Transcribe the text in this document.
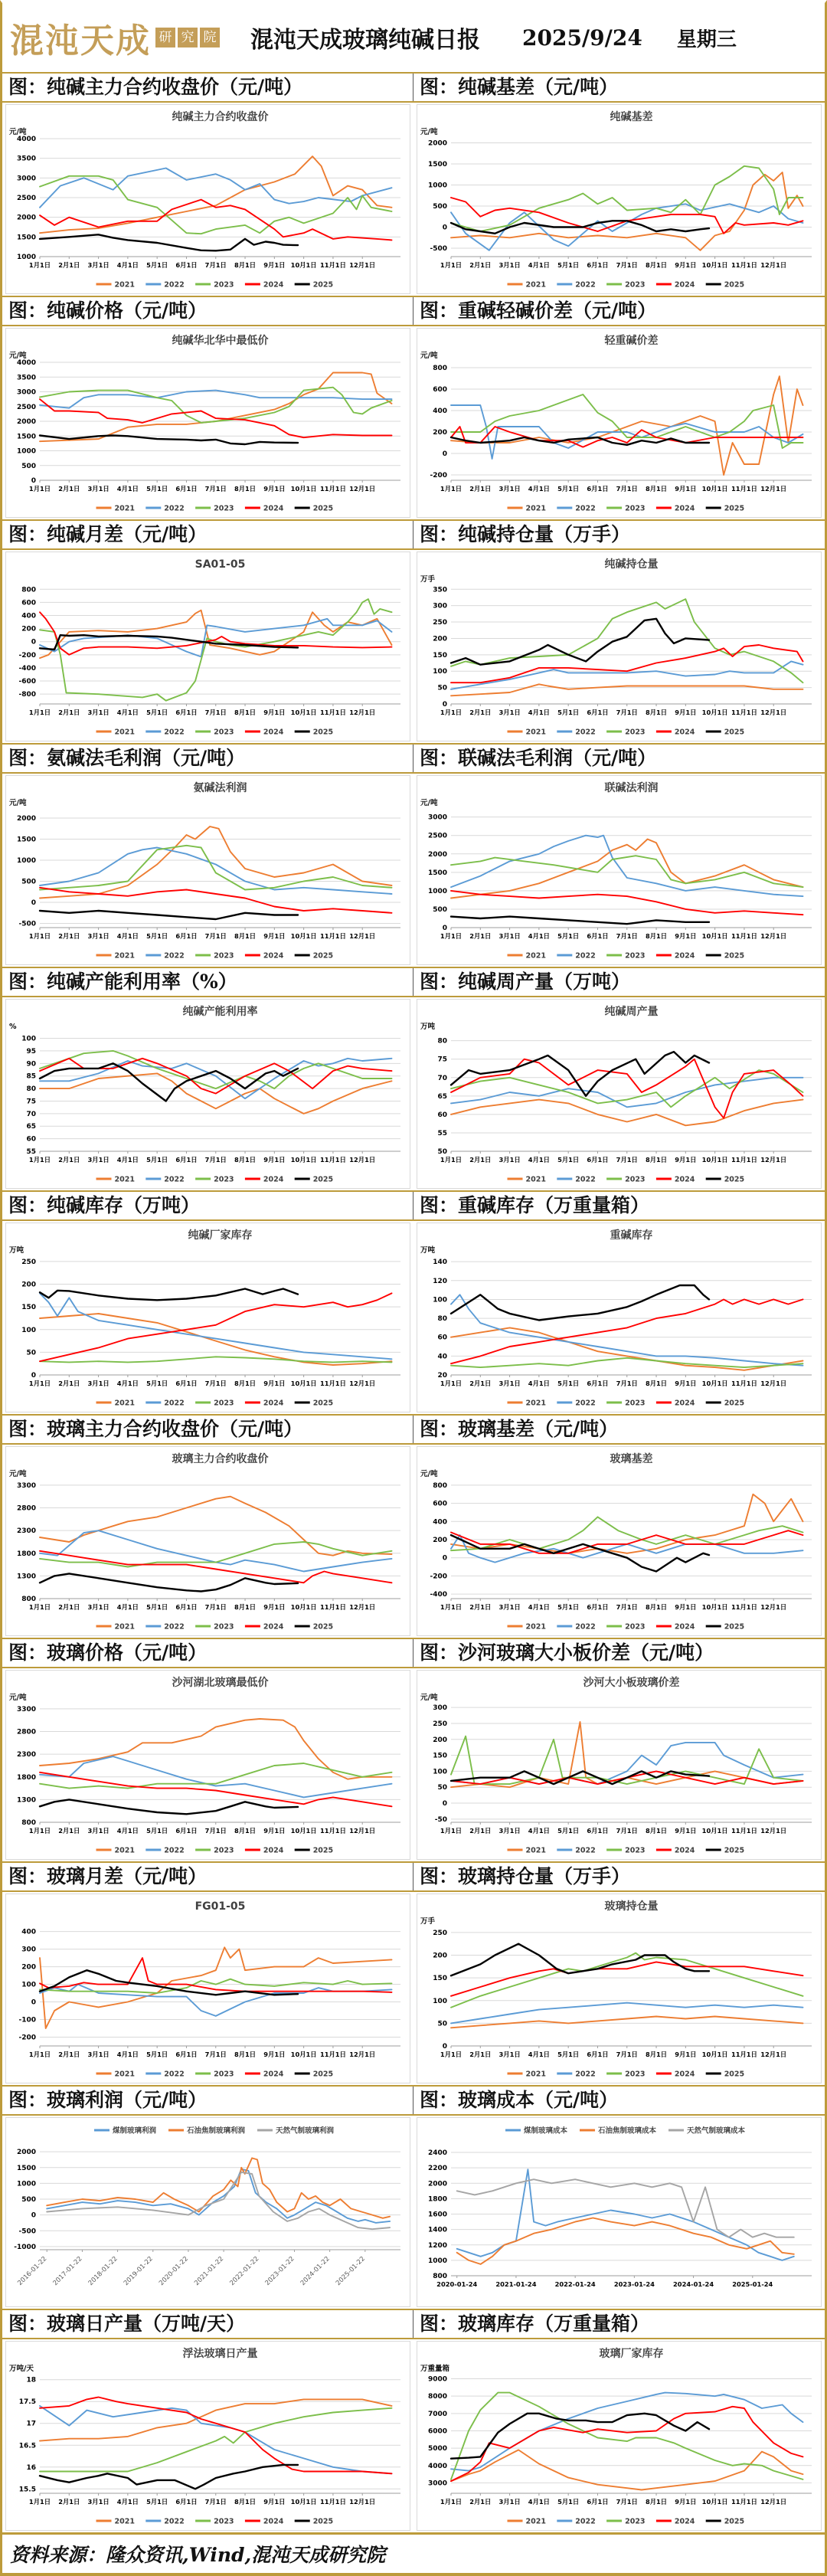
混沌天成 研 究 院 混沌天成玻璃纯碱日报 2025/9/24 星期三
图：纯碱主力合约收盘价（元/吨）	图：纯碱基差（元/吨）
纯碱主力合约收盘价
元/吨
1000
1500
2000
2500
3000
3500
4000
1月1日 2月1日 3月1日 4月1日 5月1日 6月1日 7月1日 8月1日 9月1日 10月1日 11月1日 12月1日
2021	2022	2023	2024	2025
纯碱基差
元/吨
-500
0
500
1000
1500
2000
1月1日 2月1日 3月1日 4月1日 5月1日 6月1日 7月1日 8月1日 9月1日 10月1日 11月1日 12月1日
2021	2022	2023	2024	2025
图：纯碱价格（元/吨）	图：重碱轻碱价差（元/吨）
纯碱华北华中最低价
元/吨
0
500
1000
1500
2000
2500
3000
3500
4000
1月1日 2月1日 3月1日 4月1日 5月1日 6月1日 7月1日 8月1日 9月1日 10月1日 11月1日 12月1日
2021	2022	2023	2024	2025
轻重碱价差
元/吨
-200
0
200
400
600
800
1月1日 2月1日 3月1日 4月1日 5月1日 6月1日 7月1日 8月1日 9月1日 10月1日 11月1日 12月1日
2021	2022	2023	2024	2025
图：纯碱月差（元/吨）	图：纯碱持仓量（万手）
SA01-05
-800
-600
-400
-200
0
200
400
600
800
1月1日 2月1日 3月1日 4月1日 5月1日 6月1日 7月1日 8月1日 9月1日 10月1日 11月1日 12月1日
2021	2022	2023	2024	2025
纯碱持仓量
万手
0
50
100
150
200
250
300
350
1月1日 2月1日 3月1日 4月1日 5月1日 6月1日 7月1日 8月1日 9月1日 10月1日 11月1日 12月1日
2021	2022	2023	2024	2025
图：氨碱法毛利润（元/吨）	图：联碱法毛利润（元/吨）
氨碱法利润
元/吨
-500
0
500
1000
1500
2000
1月1日 2月1日 3月1日 4月1日 5月1日 6月1日 7月1日 8月1日 9月1日 10月1日 11月1日 12月1日
2021	2022	2023	2024	2025
联碱法利润
元/吨
0
500
1000
1500
2000
2500
3000
1月1日 2月1日 3月1日 4月1日 5月1日 6月1日 7月1日 8月1日 9月1日 10月1日 11月1日 12月1日
2021	2022	2023	2024	2025
图：纯碱产能利用率（%）	图：纯碱周产量（万吨）
纯碱产能利用率
%
55
60
65
70
75
80
85
90
95
100
1月1日 2月1日 3月1日 4月1日 5月1日 6月1日 7月1日 8月1日 9月1日 10月1日 11月1日 12月1日
2021	2022	2023	2024	2025
纯碱周产量
万吨
50
55
60
65
70
75
80
1月1日 2月1日 3月1日 4月1日 5月1日 6月1日 7月1日 8月1日 9月1日 10月1日 11月1日 12月1日
2021	2022	2023	2024	2025
图：纯碱库存（万吨）	图：重碱库存（万重量箱）
纯碱厂家库存
万吨
0
50
100
150
200
250
1月1日 2月1日 3月1日 4月1日 5月1日 6月1日 7月1日 8月1日 9月1日 10月1日 11月1日 12月1日
2021	2022	2023	2024	2025
重碱库存
万吨
20
40
60
80
100
120
140
1月1日 2月1日 3月1日 4月1日 5月1日 6月1日 7月1日 8月1日 9月1日 10月1日 11月1日 12月1日
2021	2022	2023	2024	2025
图：玻璃主力合约收盘价（元/吨）	图：玻璃基差（元/吨）
玻璃主力合约收盘价
元/吨
800
1300
1800
2300
2800
3300
1月1日 2月1日 3月1日 4月1日 5月1日 6月1日 7月1日 8月1日 9月1日 10月1日 11月1日 12月1日
2021	2022	2023	2024	2025
玻璃基差
元/吨
-400
-200
0
200
400
600
800
1月1日 2月1日 3月1日 4月1日 5月1日 6月1日 7月1日 8月1日 9月1日 10月1日 11月1日 12月1日
2021	2022	2023	2024	2025
图：玻璃价格（元/吨）	图：沙河玻璃大小板价差（元/吨）
沙河湖北玻璃最低价
元/吨
800
1300
1800
2300
2800
3300
1月1日 2月1日 3月1日 4月1日 5月1日 6月1日 7月1日 8月1日 9月1日 10月1日 11月1日 12月1日
2021	2022	2023	2024	2025
沙河大小板玻璃价差
元/吨
-50
0
50
100
150
200
250
300
1月1日 2月1日 3月1日 4月1日 5月1日 6月1日 7月1日 8月1日 9月1日 10月1日 11月1日 12月1日
2021	2022	2023	2024	2025
图：玻璃月差（元/吨）	图：玻璃持仓量（万手）
FG01-05
-200
-100
0
100
200
300
400
1月1日 2月1日 3月1日 4月1日 5月1日 6月1日 7月1日 8月1日 9月1日 10月1日 11月1日 12月1日
2021	2022	2023	2024	2025
玻璃持仓量
万手
0
50
100
150
200
250
1月1日 2月1日 3月1日 4月1日 5月1日 6月1日 7月1日 8月1日 9月1日 10月1日 11月1日 12月1日
2021	2022	2023	2024	2025
图：玻璃利润（元/吨）	图：玻璃成本（元/吨）
-1000
-500
0
500
1000
1500
2000
2016-01-22 2017-01-22 2018-01-22 2019-01-22 2020-01-22 2021-01-22 2022-01-22 2023-01-22 2024-01-22 2025-01-22
煤制玻璃利润	石油焦制玻璃利润	天然气制玻璃利润
800
1000
1200
1400
1600
1800
2000
2200
2400
2020-01-24	2021-01-24	2022-01-24	2023-01-24	2024-01-24	2025-01-24
煤制玻璃成本	石油焦制玻璃成本	天然气制玻璃成本
图：玻璃日产量（万吨/天）	图：玻璃库存（万重量箱）
浮法玻璃日产量
万吨/天
15.5
16
16.5
17
17.5
18
1月1日 2月1日 3月1日 4月1日 5月1日 6月1日 7月1日 8月1日 9月1日 10月1日 11月1日 12月1日
2021	2022	2023	2024	2025
玻璃厂家库存
万重量箱
3000
4000
5000
6000
7000
8000
9000
1月1日 2月1日 3月1日 4月1日 5月1日 6月1日 7月1日 8月1日 9月1日 10月1日 11月1日 12月1日
2021	2022	2023	2024	2025
资料来源：隆众资讯,Wind,混沌天成研究院
